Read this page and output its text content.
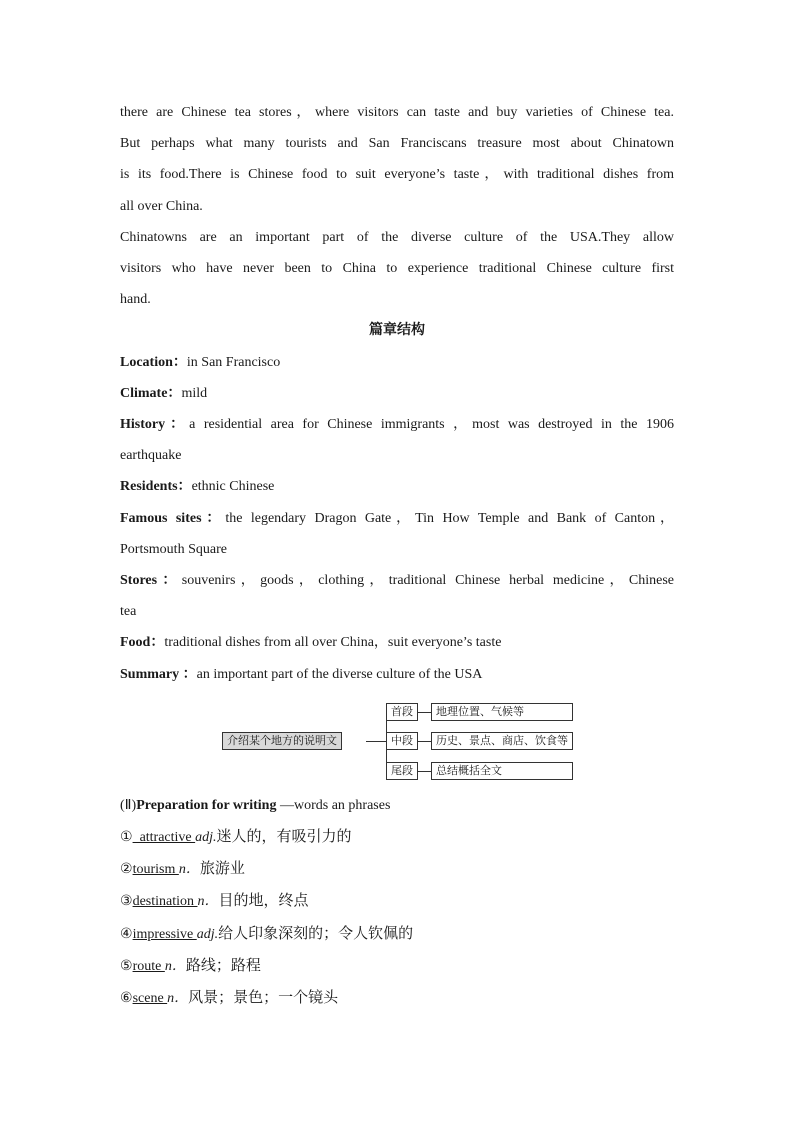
there are Chinese tea stores，where visitors can taste and buy varieties of Chinese tea.
But perhaps what many tourists and San Franciscans treasure most about Chinatown
is its food.There is Chinese food to suit everyone’s taste，with traditional dishes from
all over China.
Chinatowns are an important part of the diverse culture of the USA.They allow
visitors who have never been to China to experience traditional Chinese culture first
hand.
篇章结构
Location：in San Francisco
Climate：mild
History：a residential area for Chinese immigrants ，most was destroyed in the 1906
earthquake
Residents：ethnic Chinese
Famous sites：the legendary Dragon Gate，Tin How Temple and Bank of Canton，
Portsmouth Square
Stores：souvenirs，goods，clothing，traditional Chinese herbal medicine，Chinese
tea
Food：traditional dishes from all over China，suit everyone’s taste
Summary ：an important part of the diverse culture of the USA
介绍某个地方的说明文
首段	地理位置、气候等
中段	历史、景点、商店、饮食等
尾段	总结概括全文
(Ⅱ)Preparation for writing —words an phrases
①  attractive adj.迷人的，有吸引力的
②tourism n．旅游业
③destination n．目的地，终点
④impressive adj.给人印象深刻的；令人钦佩的
⑤route n．路线；路程
⑥scene n．风景；景色；一个镜头
